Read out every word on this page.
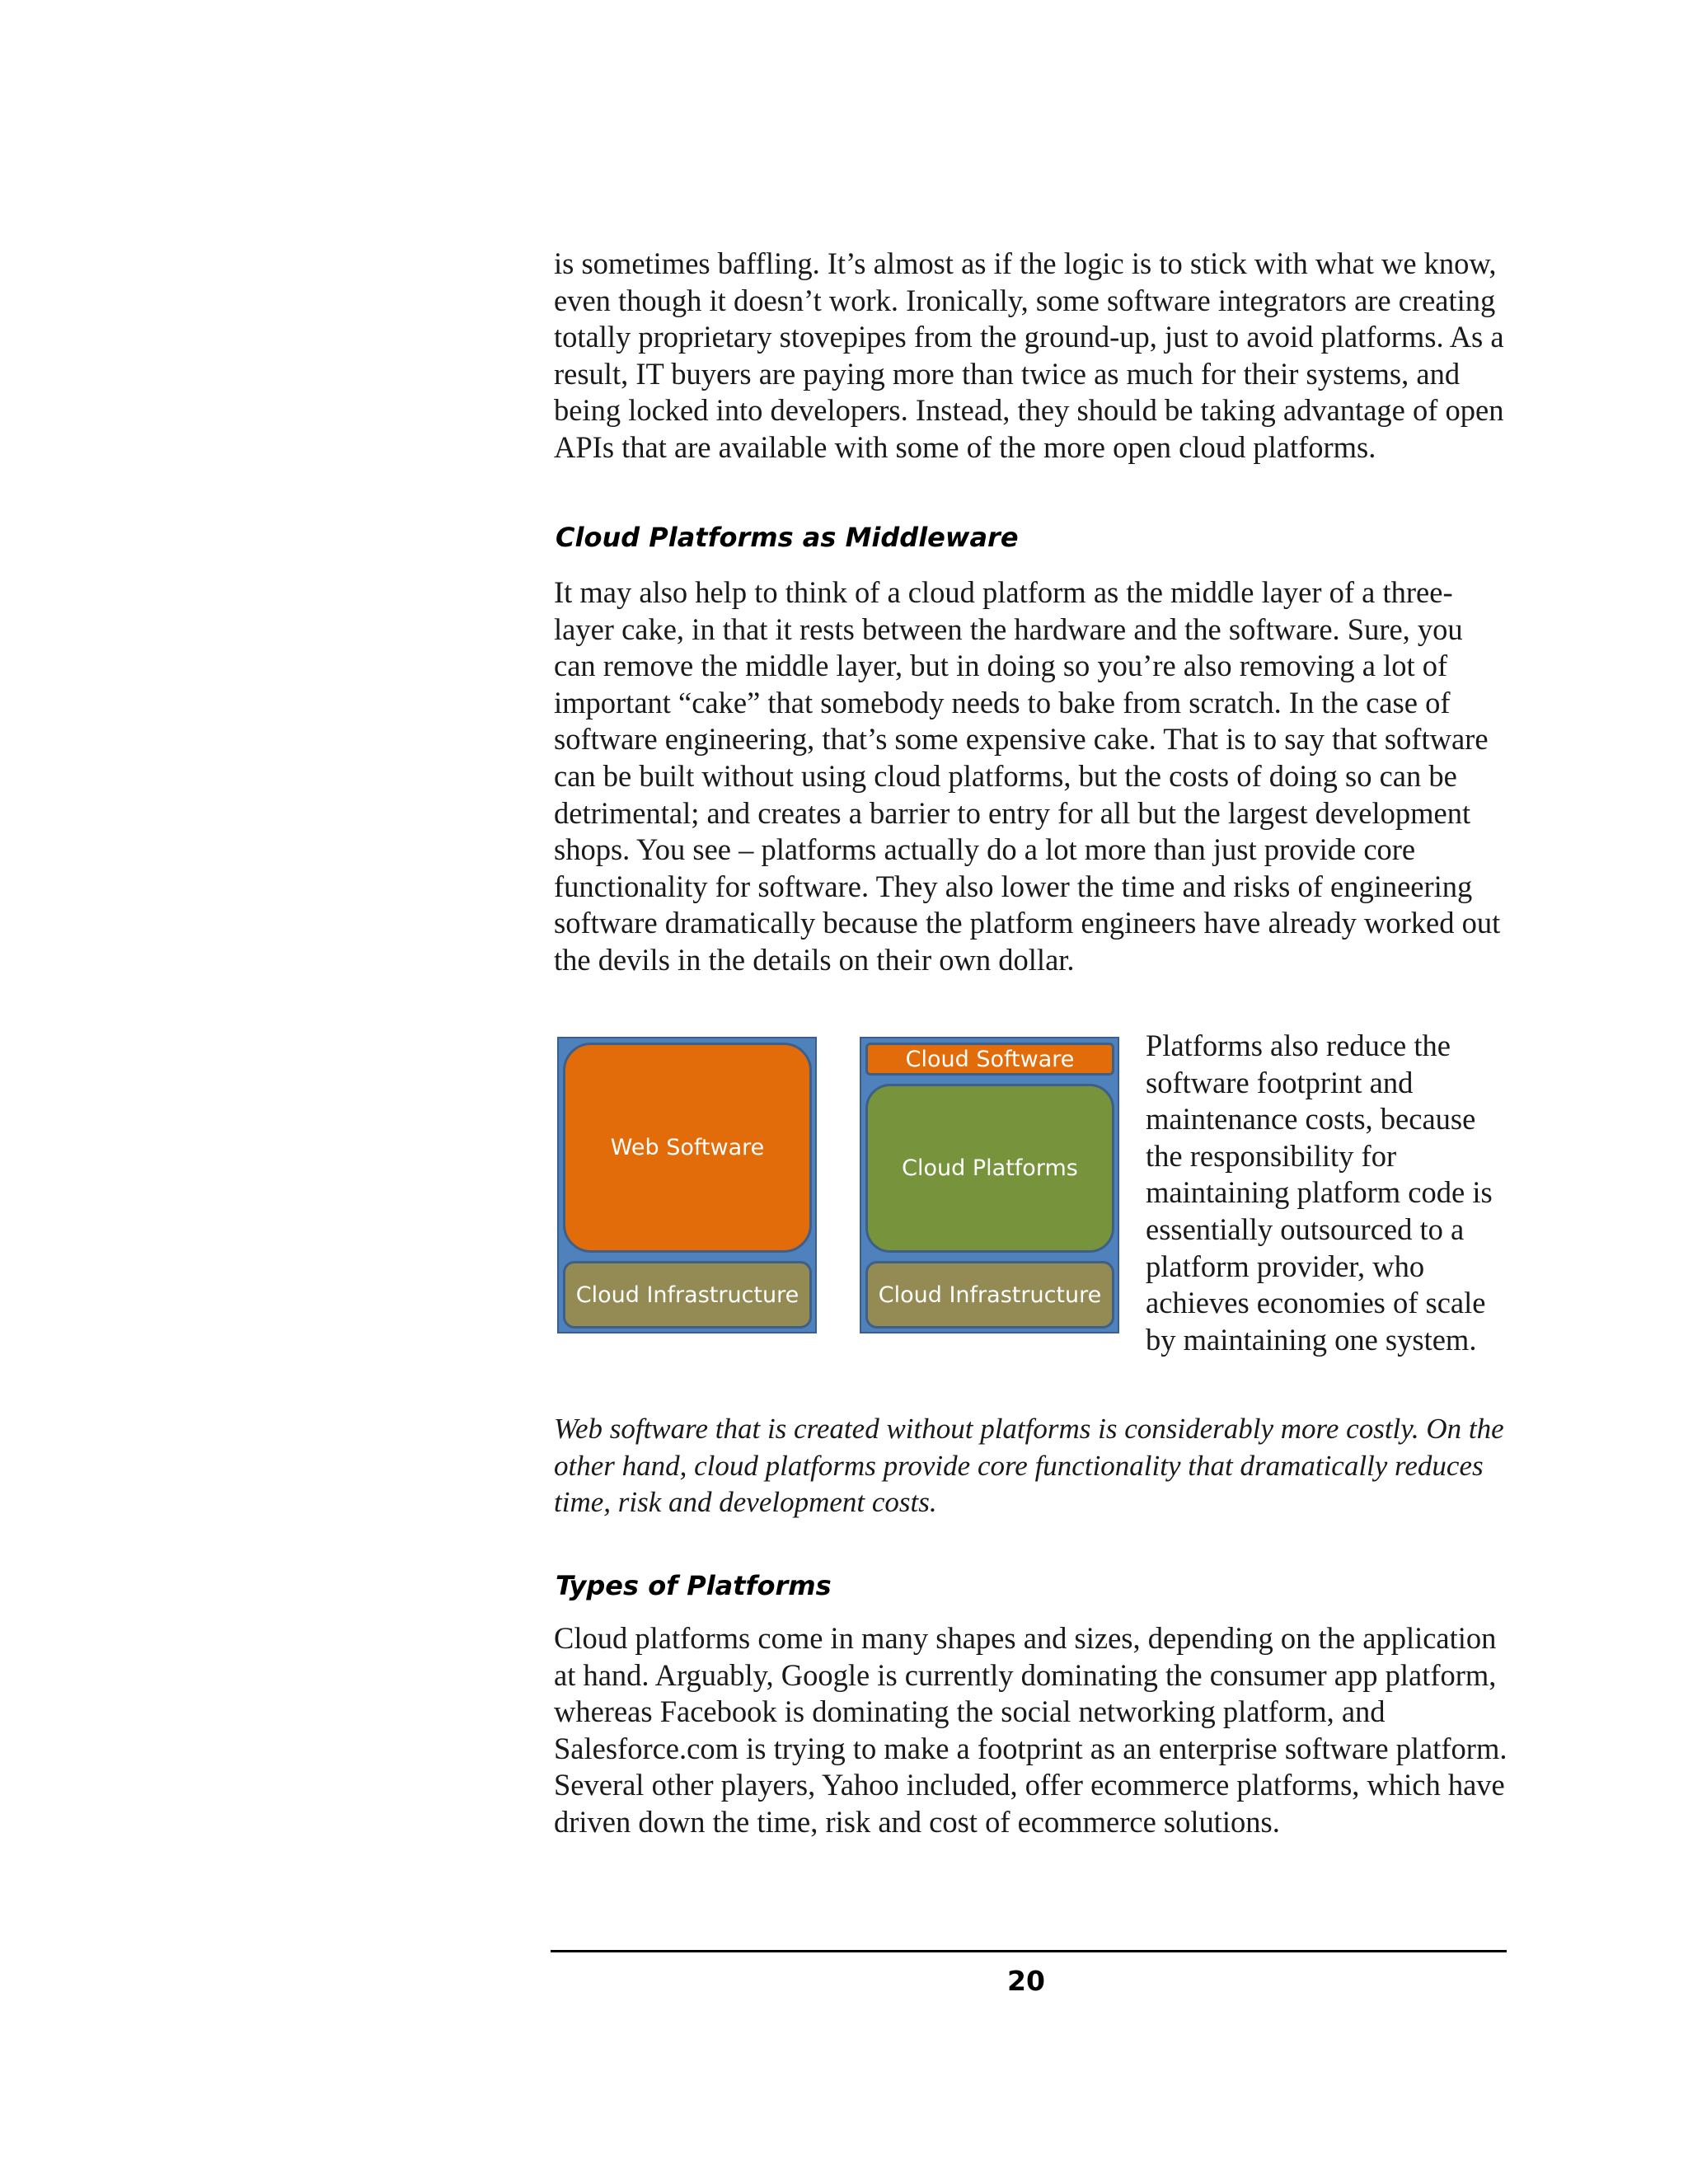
is sometimes baffling. It’s almost as if the logic is to stick with what we know, even though it doesn’t work. Ironically, some software integrators are creating totally proprietary stovepipes from the ground-up, just to avoid platforms. As a result, IT buyers are paying more than twice as much for their systems, and being locked into developers. Instead, they should be taking advantage of open APIs that are available with some of the more open cloud platforms.

Cloud Platforms as Middleware

It may also help to think of a cloud platform as the middle layer of a three-layer cake, in that it rests between the hardware and the software. Sure, you can remove the middle layer, but in doing so you’re also removing a lot of important “cake” that somebody needs to bake from scratch. In the case of software engineering, that’s some expensive cake. That is to say that software can be built without using cloud platforms, but the costs of doing so can be detrimental; and creates a barrier to entry for all but the largest development shops. You see – platforms actually do a lot more than just provide core functionality for software. They also lower the time and risks of engineering software dramatically because the platform engineers have already worked out the devils in the details on their own dollar.

Web Software
Cloud Infrastructure
Cloud Software
Cloud Platforms
Cloud Infrastructure

Platforms also reduce the software footprint and maintenance costs, because the responsibility for maintaining platform code is essentially outsourced to a platform provider, who achieves economies of scale by maintaining one system.

Web software that is created without platforms is considerably more costly. On the other hand, cloud platforms provide core functionality that dramatically reduces time, risk and development costs.

Types of Platforms

Cloud platforms come in many shapes and sizes, depending on the application at hand. Arguably, Google is currently dominating the consumer app platform, whereas Facebook is dominating the social networking platform, and Salesforce.com is trying to make a footprint as an enterprise software platform. Several other players, Yahoo included, offer ecommerce platforms, which have driven down the time, risk and cost of ecommerce solutions.

20
